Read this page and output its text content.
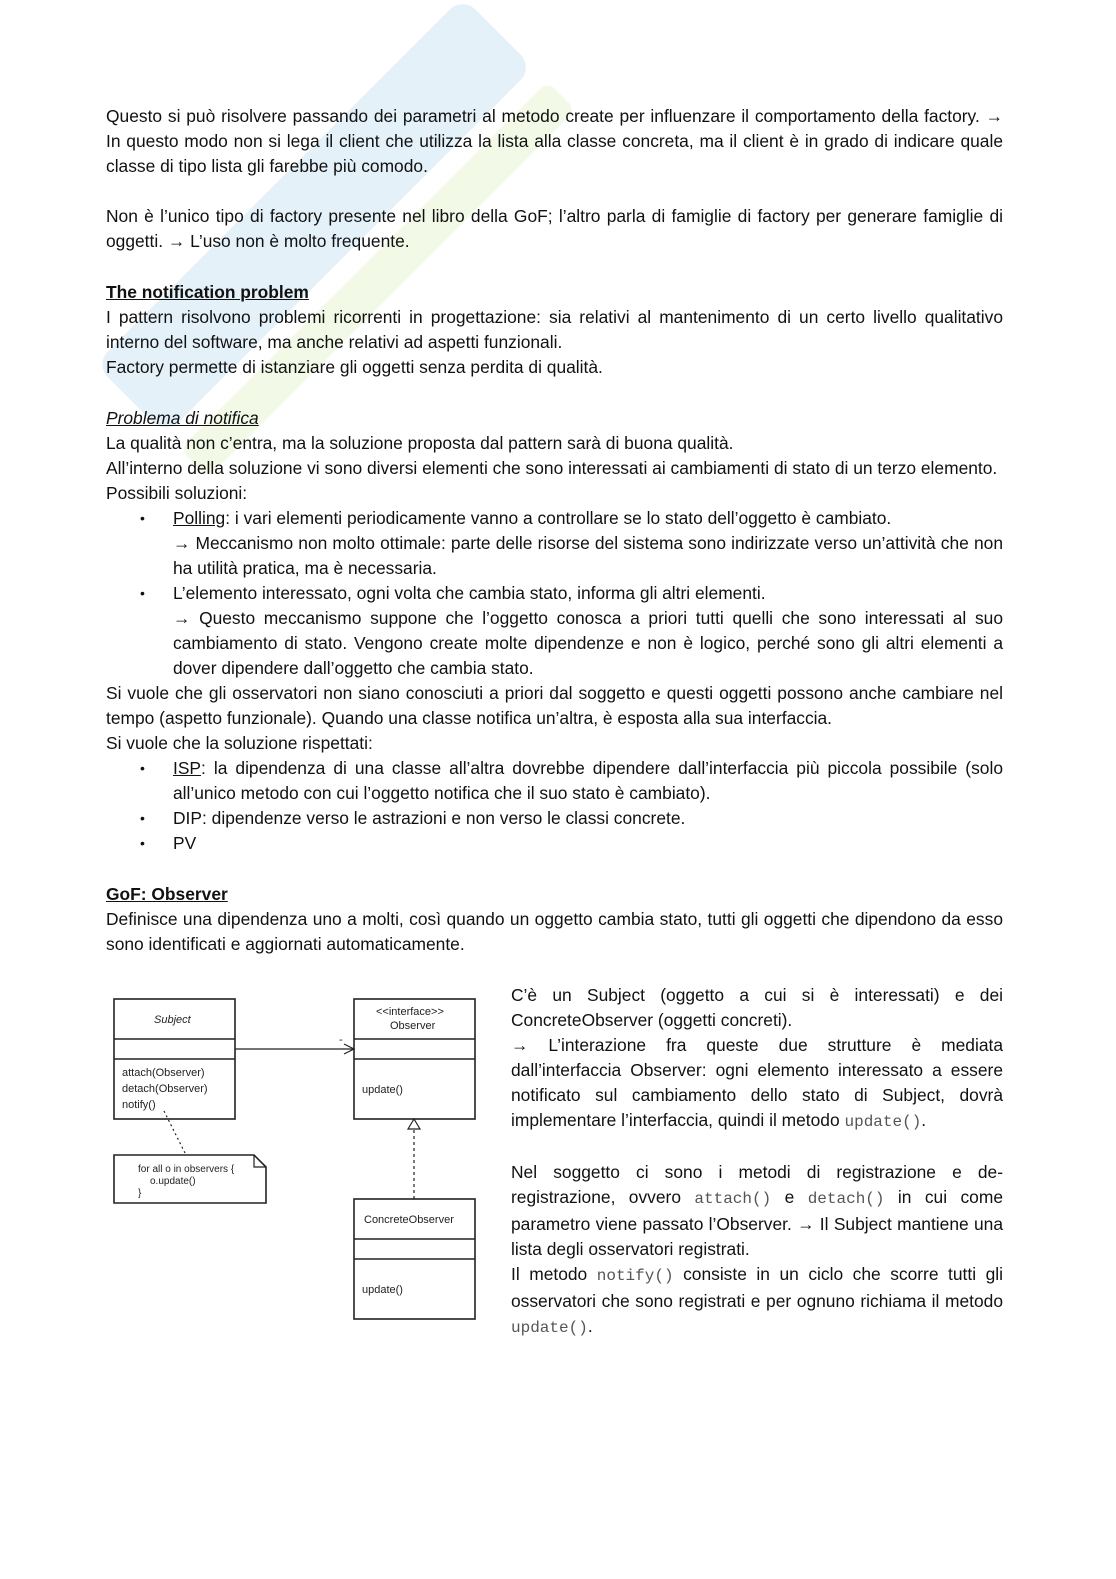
Questo si può risolvere passando dei parametri al metodo create per influenzare il comportamento della factory. → In questo modo non si lega il client che utilizza la lista alla classe concreta, ma il client è in grado di indicare quale classe di tipo lista gli farebbe più comodo.

Non è l’unico tipo di factory presente nel libro della GoF; l’altro parla di famiglie di factory per generare famiglie di oggetti. → L’uso non è molto frequente.

The notification problem

I pattern risolvono problemi ricorrenti in progettazione: sia relativi al mantenimento di un certo livello qualitativo interno del software, ma anche relativi ad aspetti funzionali.

Factory permette di istanziare gli oggetti senza perdita di qualità.

Problema di notifica

La qualità non c’entra, ma la soluzione proposta dal pattern sarà di buona qualità.

All’interno della soluzione vi sono diversi elementi che sono interessati ai cambiamenti di stato di un terzo elemento.

Possibili soluzioni:

• Polling: i vari elementi periodicamente vanno a controllare se lo stato dell’oggetto è cambiato.
→ Meccanismo non molto ottimale: parte delle risorse del sistema sono indirizzate verso un’attività che non ha utilità pratica, ma è necessaria.
• L’elemento interessato, ogni volta che cambia stato, informa gli altri elementi.
→ Questo meccanismo suppone che l’oggetto conosca a priori tutti quelli che sono interessati al suo cambiamento di stato. Vengono create molte dipendenze e non è logico, perché sono gli altri elementi a dover dipendere dall’oggetto che cambia stato.

Si vuole che gli osservatori non siano conosciuti a priori dal soggetto e questi oggetti possono anche cambiare nel tempo (aspetto funzionale). Quando una classe notifica un’altra, è esposta alla sua interfaccia.

Si vuole che la soluzione rispettati:

• ISP: la dipendenza di una classe all’altra dovrebbe dipendere dall’interfaccia più piccola possibile (solo all’unico metodo con cui l’oggetto notifica che il suo stato è cambiato).
• DIP: dipendenze verso le astrazioni e non verso le classi concrete.
• PV

GoF: Observer

Definisce una dipendenza uno a molti, così quando un oggetto cambia stato, tutti gli oggetti che dipendono da esso sono identificati e aggiornati automaticamente.

Subject
attach(Observer)
detach(Observer)
notify()
<<interface>>
Observer
update()
ConcreteObserver
update()
-
for all o in observers {
o.update()
}

C’è un Subject (oggetto a cui si è interessati) e dei ConcreteObserver (oggetti concreti).

→ L’interazione fra queste due strutture è mediata dall’interfaccia Observer: ogni elemento interessato a essere notificato sul cambiamento dello stato di Subject, dovrà implementare l’interfaccia, quindi il metodo update().

Nel soggetto ci sono i metodi di registrazione e de-registrazione, ovvero attach() e detach() in cui come parametro viene passato l’Observer. → Il Subject mantiene una lista degli osservatori registrati.

Il metodo notify() consiste in un ciclo che scorre tutti gli osservatori che sono registrati e per ognuno richiama il metodo update().
